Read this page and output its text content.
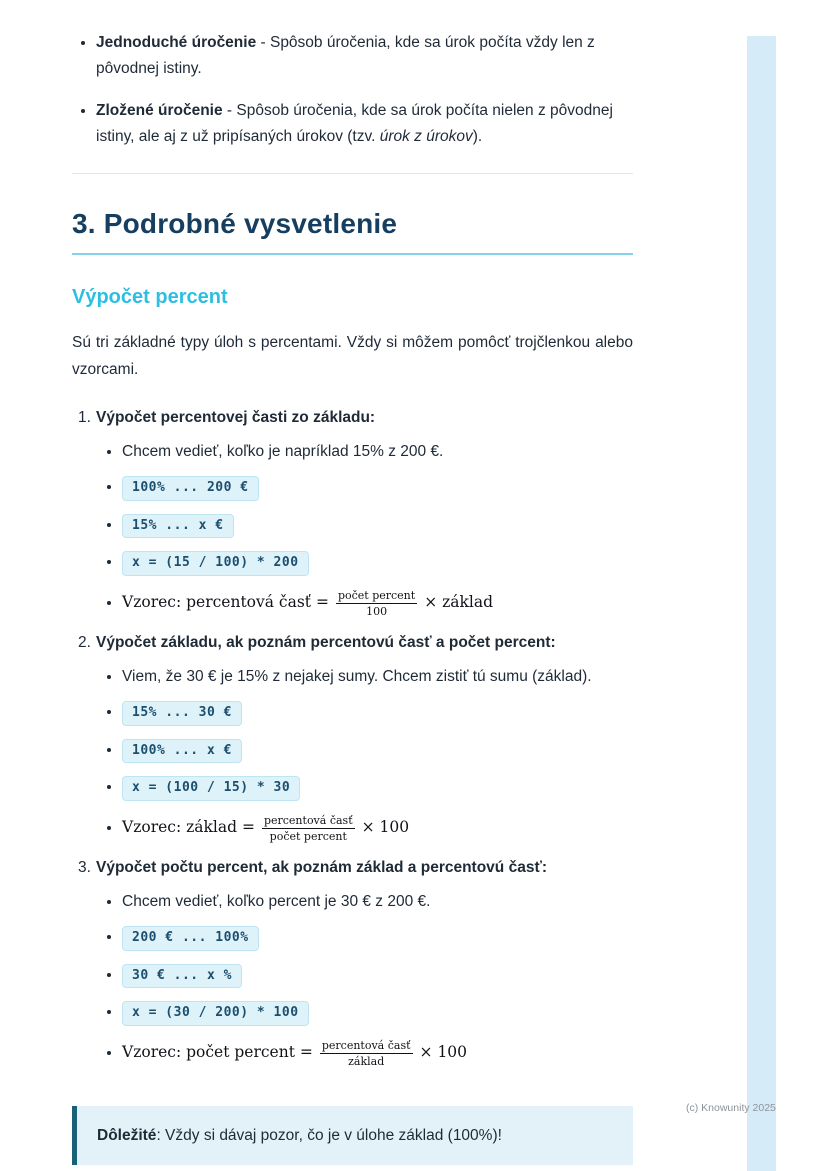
(c) Knowunity 2025
• Jednoduché úročenie - Spôsob úročenia, kde sa úrok počíta vždy len z pôvodnej istiny.
• Zložené úročenie - Spôsob úročenia, kde sa úrok počíta nielen z pôvodnej istiny, ale aj z už pripísaných úrokov (tzv. úrok z úrokov).
3. Podrobné vysvetlenie
Výpočet percent

Sú tri základné typy úloh s percentami. Vždy si môžem pomôcť trojčlenkou alebo vzorcami.

1. Výpočet percentovej časti zo základu:
• Chcem vedieť, koľko je napríklad 15% z 200 €.
• 100% ... 200 €
• 15% ... x €
• x = (15 / 100) * 200
• Vzorec: percentová časť = $\frac{\text{počet percent}}{100}$ × základ
2. Výpočet základu, ak poznám percentovú časť a počet percent:
• Viem, že 30 € je 15% z nejakej sumy. Chcem zistiť tú sumu (základ).
• 15% ... 30 €
• 100% ... x €
• x = (100 / 15) * 30
• Vzorec: základ = $\frac{\text{percentová časť}}{\text{počet percent}} \times 100$
3. Výpočet počtu percent, ak poznám základ a percentovú časť:
• Chcem vedieť, koľko percent je 30 € z 200 €.
• 200 € ... 100%
• 30 € ... x %
• x = (30 / 200) * 100
• Vzorec: počet percent = $\frac{\text{percentová časť}}{\text{základ}} \times 100$
Dôležité: Vždy si dávaj pozor, čo je v úlohe základ (100%)!
